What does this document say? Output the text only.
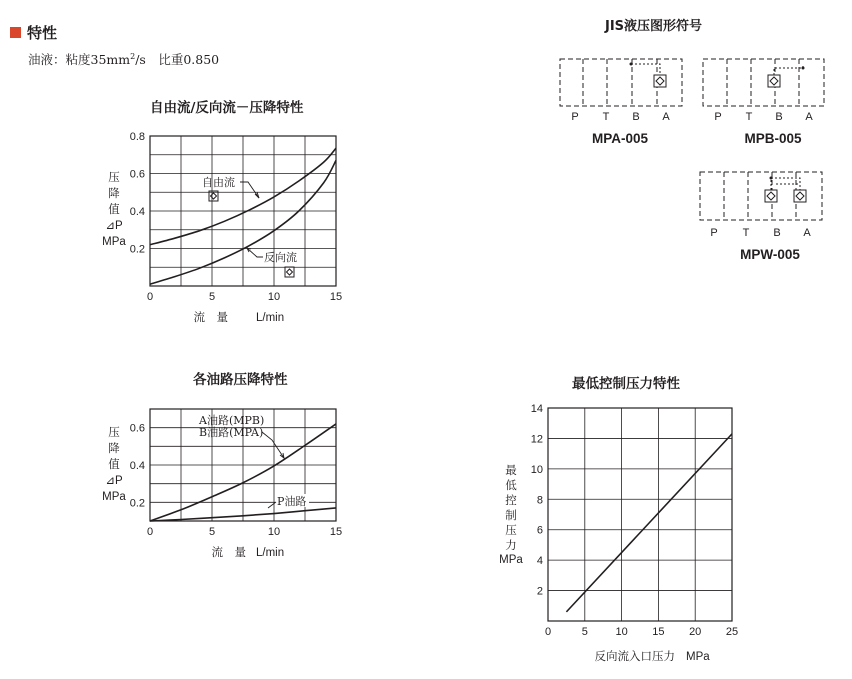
特性
油液：粘度$35mm^2/s$　比重0.850
JIS液压图形符号
自由流/反向流－压降特性
各油路压降特性	最低控制压力特性
P T B A
MPA-005
P T B A
MPB-005
P T B A
MPW-005
压
降
值
⊿P
MPa
流　量 L/min
压
降
值
⊿P
MPa
流　量 L/min
最
低
控
制
压
力
MPa
反向流入口压力 MPa
0	5	10	15
0.2
0.4
0.6
0.8
自由流
反向流
0	5	10	15
0.2
0.4
0.6
A油路(MPB)
B油路(MPA)
P油路
0	5	10 15 20 25
2
4
6
8
10
12
14
